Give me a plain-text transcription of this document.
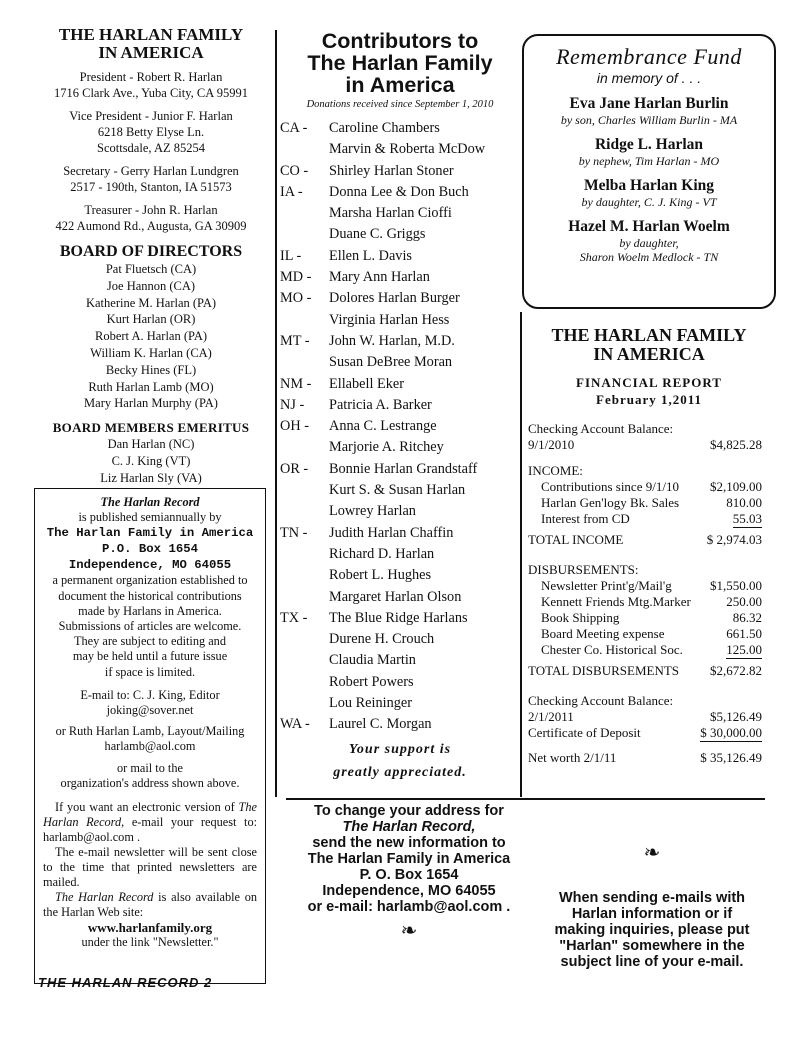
THE HARLAN FAMILY
IN AMERICA
President - Robert R. Harlan
1716 Clark Ave., Yuba City, CA 95991
Vice President - Junior F. Harlan
6218 Betty Elyse Ln.
Scottsdale, AZ 85254
Secretary - Gerry Harlan Lundgren
2517 - 190th, Stanton, IA 51573
Treasurer - John R. Harlan
422 Aumond Rd., Augusta, GA 30909
BOARD OF DIRECTORS
Pat Fluetsch (CA)
Joe Hannon (CA)
Katherine M. Harlan (PA)
Kurt Harlan (OR)
Robert A. Harlan (PA)
William K. Harlan (CA)
Becky Hines (FL)
Ruth Harlan Lamb (MO)
Mary Harlan Murphy (PA)
BOARD MEMBERS EMERITUS
Dan Harlan (NC)
C. J. King (VT)
Liz Harlan Sly (VA)
The Harlan Record
is published semiannually by
The Harlan Family in America
P.O. Box 1654
Independence, MO 64055
a permanent organization established to
document the historical contributions
made by Harlans in America.
Submissions of articles are welcome.
They are subject to editing and
may be held until a future issue
if space is limited.
E-mail to: C. J. King, Editor
joking@sover.net
or Ruth Harlan Lamb, Layout/Mailing
harlamb@aol.com
or mail to the
organization's address shown above.
If you want an electronic version of The Harlan Record, e-mail your request to: harlamb@aol.com .
The e-mail newsletter will be sent close to the time that printed newsletters are mailed.
The Harlan Record is also available on the Harlan Web site:
www.harlanfamily.org
under the link "Newsletter."
THE HARLAN RECORD 2
Contributors to
The Harlan Family
in America
Donations received since September 1, 2010
CA -	Caroline Chambers
Marvin & Roberta McDow
CO -	Shirley Harlan Stoner
IA -	Donna Lee & Don Buch
Marsha Harlan Cioffi
Duane C. Griggs
IL -	Ellen L. Davis
MD -	Mary Ann Harlan
MO -	Dolores Harlan Burger
Virginia Harlan Hess
MT -	John W. Harlan, M.D.
Susan DeBree Moran
NM -	Ellabell Eker
NJ -	Patricia A. Barker
OH -	Anna C. Lestrange
Marjorie A. Ritchey
OR -	Bonnie Harlan Grandstaff
Kurt S. & Susan Harlan
Lowrey Harlan
TN -	Judith Harlan Chaffin
Richard D. Harlan
Robert L. Hughes
Margaret Harlan Olson
TX -	The Blue Ridge Harlans
Durene H. Crouch
Claudia Martin
Robert Powers
Lou Reininger
WA -	Laurel C. Morgan
Your support is
greatly appreciated.
Remembrance Fund
in memory of . . .
Eva Jane Harlan Burlin
by son, Charles William Burlin - MA
Ridge L. Harlan
by nephew, Tim Harlan - MO
Melba Harlan King
by daughter, C. J. King - VT
Hazel M. Harlan Woelm
by daughter,
Sharon Woelm Medlock - TN
THE HARLAN FAMILY
IN AMERICA
FINANCIAL REPORT
February 1,2011
Checking Account Balance:
9/1/2010	$4,825.28
INCOME:
Contributions since 9/1/10 $2,109.00
Harlan Gen'logy Bk. Sales	810.00
Interest from CD	55.03
TOTAL INCOME	$ 2,974.03
DISBURSEMENTS:
Newsletter Print'g/Mail'g	$1,550.00
Kennett Friends Mtg.Marker	250.00
Book Shipping	86.32
Board Meeting expense	661.50
Chester Co. Historical Soc.	125.00
TOTAL DISBURSEMENTS $2,672.82
Checking Account Balance:
2/1/2011	$5,126.49
Certificate of Deposit	$ 30,000.00
Net worth 2/1/11	$ 35,126.49
To change your address for
The Harlan Record,
send the new information to
The Harlan Family in America
P. O. Box 1654
Independence, MO 64055
or e-mail: harlamb@aol.com .
❧
❧
When sending e-mails with
Harlan information or if
making inquiries, please put
"Harlan" somewhere in the
subject line of your e-mail.
